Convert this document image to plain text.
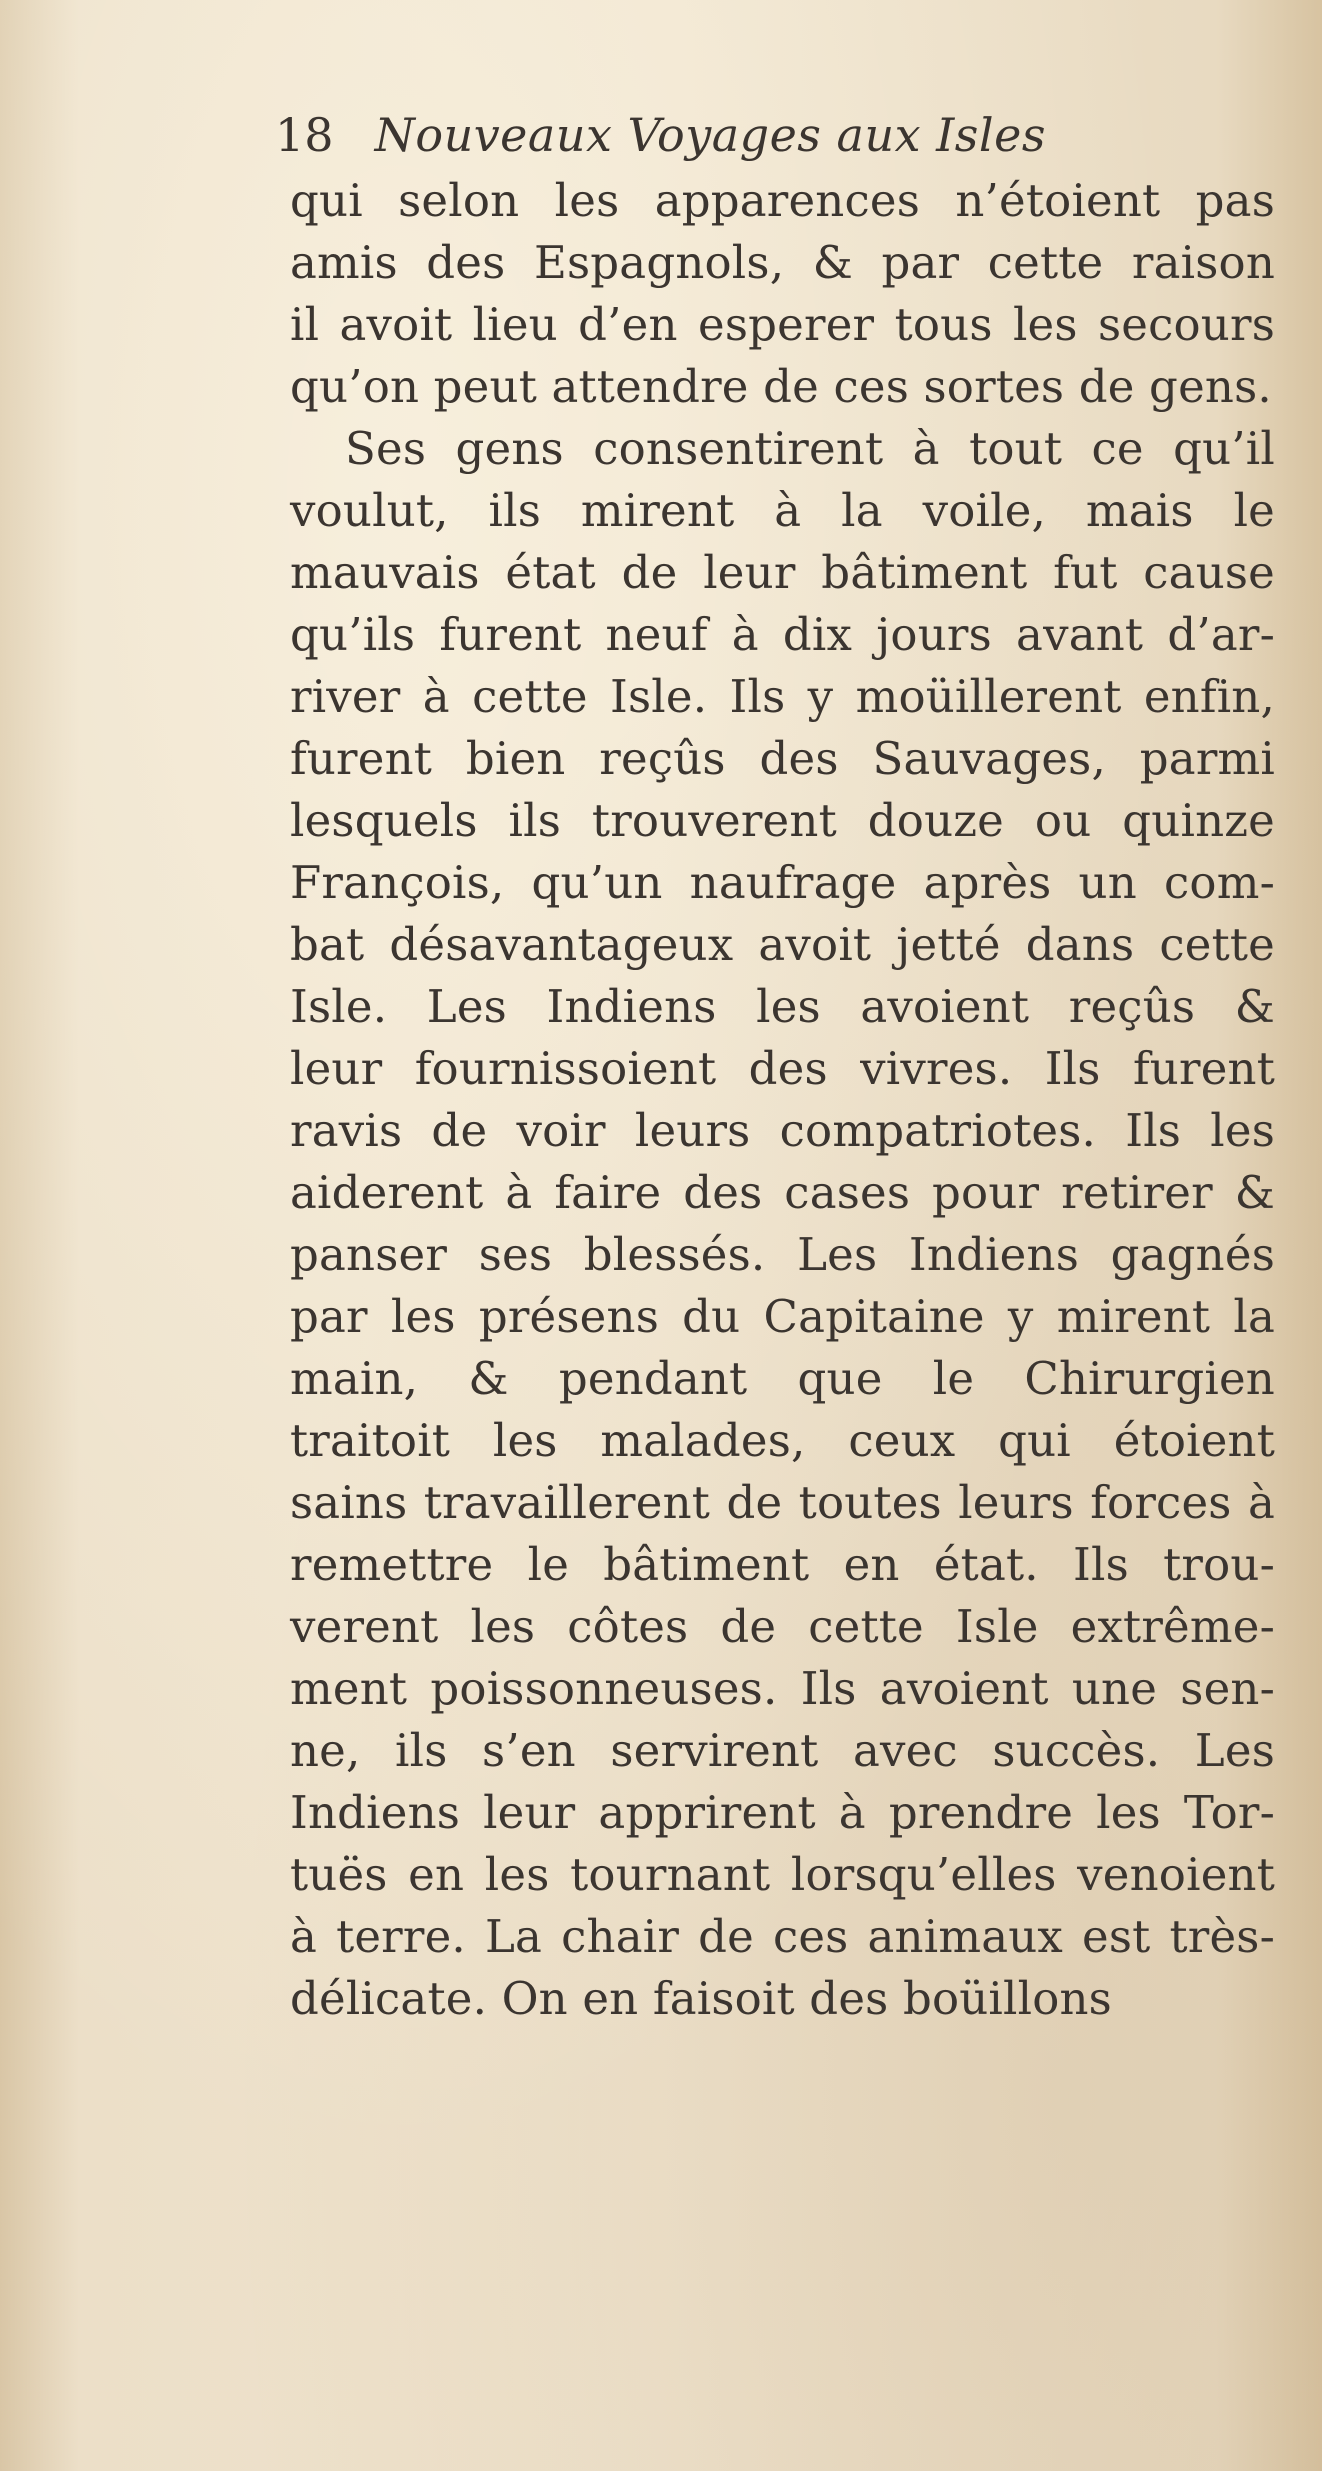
18 Nouveaux Voyages aux Isles
qui selon les apparences n’étoient pas
amis des Espagnols, & par cette raison
il avoit lieu d’en esperer tous les secours
qu’on peut attendre de ces sortes de gens.
Ses gens consentirent à tout ce qu’il
voulut, ils mirent à la voile, mais le
mauvais état de leur bâtiment fut cause
qu’ils furent neuf à dix jours avant d’ar-
river à cette Isle. Ils y moüillerent enfin,
furent bien reçûs des Sauvages, parmi
lesquels ils trouverent douze ou quinze
François, qu’un naufrage après un com-
bat désavantageux avoit jetté dans cette
Isle. Les Indiens les avoient reçûs &
leur fournissoient des vivres. Ils furent
ravis de voir leurs compatriotes. Ils les
aiderent à faire des cases pour retirer &
panser ses blessés. Les Indiens gagnés
par les présens du Capitaine y mirent la
main, & pendant que le Chirurgien
traitoit les malades, ceux qui étoient
sains travaillerent de toutes leurs forces à
remettre le bâtiment en état. Ils trou-
verent les côtes de cette Isle extrême-
ment poissonneuses. Ils avoient une sen-
ne, ils s’en servirent avec succès. Les
Indiens leur apprirent à prendre les Tor-
tuës en les tournant lorsqu’elles venoient
à terre. La chair de ces animaux est très-
délicate. On en faisoit des boüillons
